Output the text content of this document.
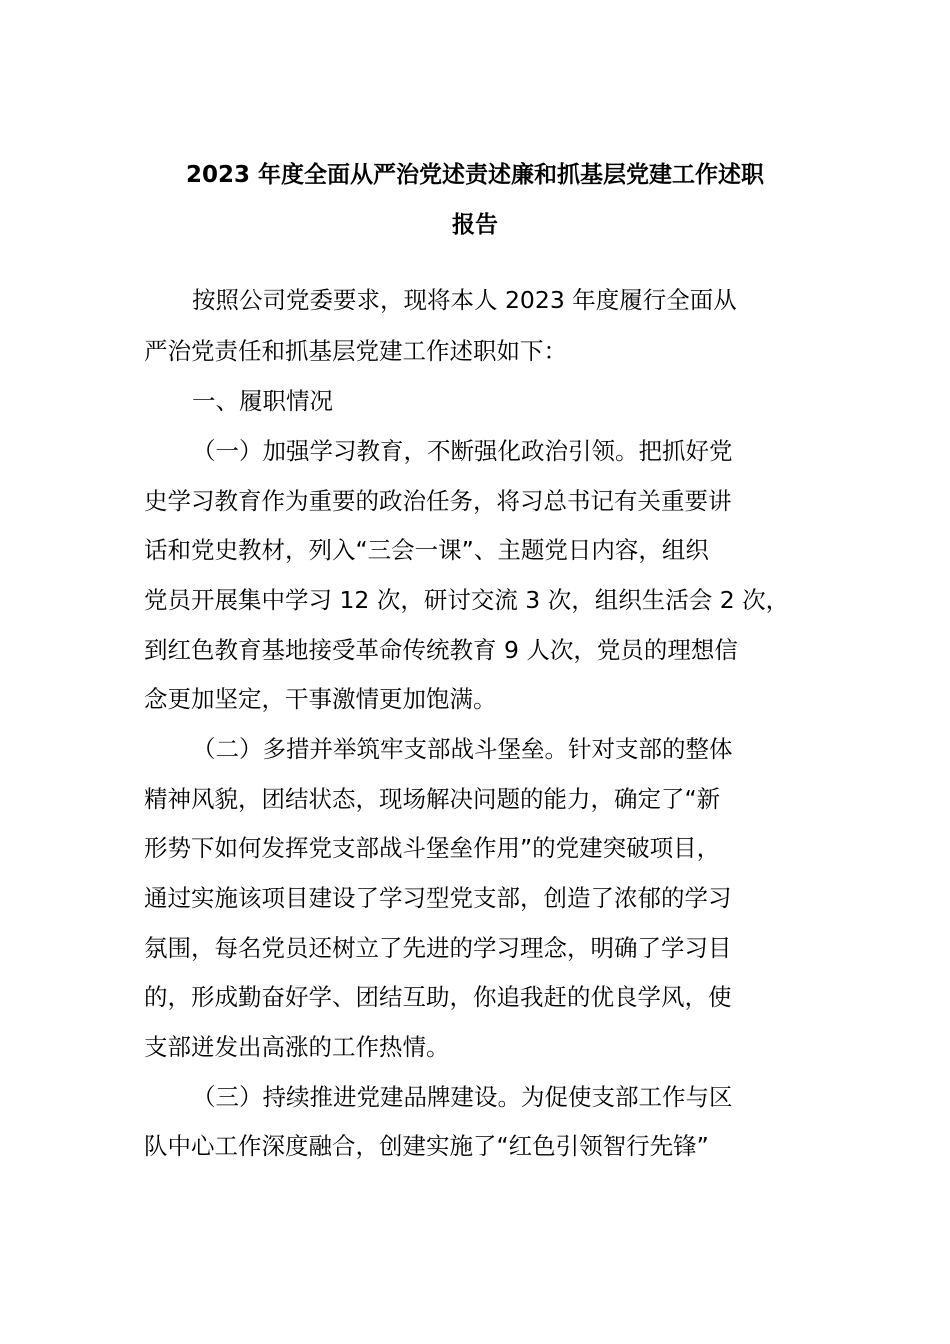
2023 年度全面从严治党述责述廉和抓基层党建工作述职
报告
按照公司党委要求，现将本人 2023 年度履行全面从
严治党责任和抓基层党建工作述职如下：
一、履职情况
（一）加强学习教育，不断强化政治引领。把抓好党
史学习教育作为重要的政治任务，将习总书记有关重要讲
话和党史教材，列入“三会一课”、主题党日内容，组织
党员开展集中学习 12 次，研讨交流 3 次，组织生活会 2 次，
到红色教育基地接受革命传统教育 9 人次，党员的理想信
念更加坚定，干事激情更加饱满。
（二）多措并举筑牢支部战斗堡垒。针对支部的整体
精神风貌，团结状态，现场解决问题的能力，确定了“新
形势下如何发挥党支部战斗堡垒作用”的党建突破项目，
通过实施该项目建设了学习型党支部，创造了浓郁的学习
氛围，每名党员还树立了先进的学习理念，明确了学习目
的，形成勤奋好学、团结互助，你追我赶的优良学风，使
支部迸发出高涨的工作热情。
（三）持续推进党建品牌建设。为促使支部工作与区
队中心工作深度融合，创建实施了“红色引领智行先锋”
